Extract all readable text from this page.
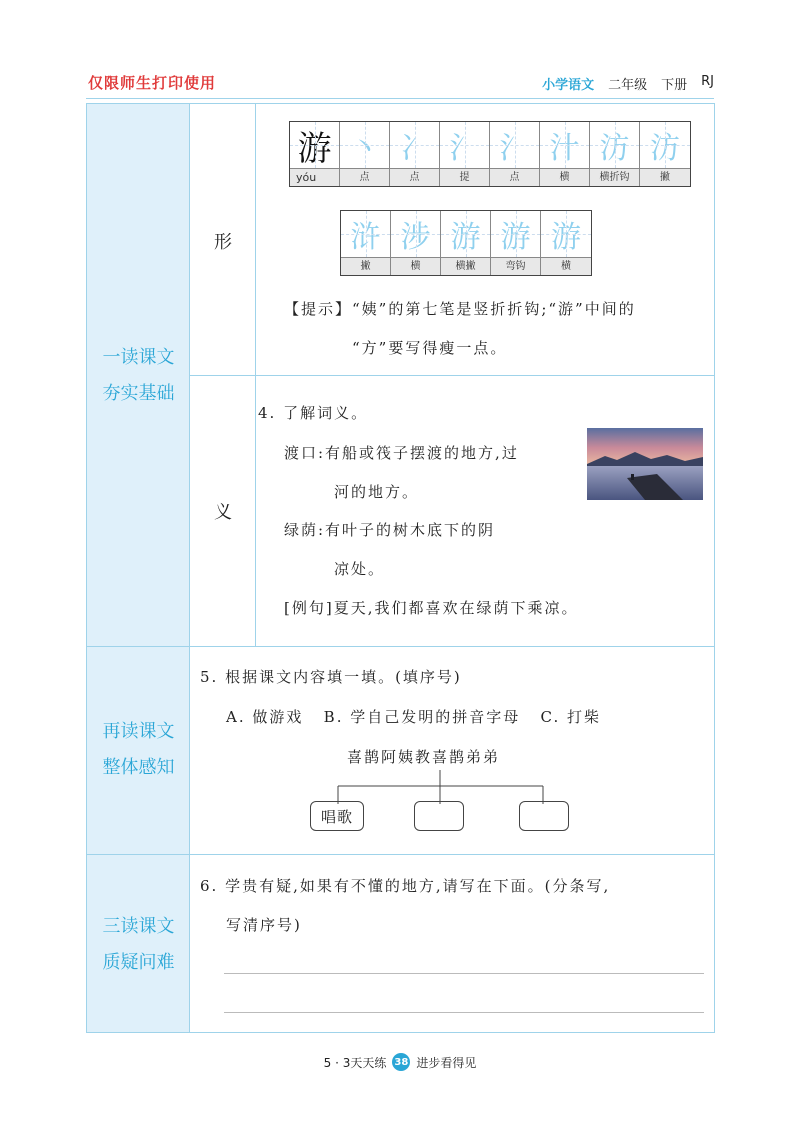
仅限师生打印使用	小学语文 二年级 下册 RJ
一读课文
夯实基础
再读课文
整体感知
三读课文
质疑问难
形
义
游
yóu
丶
点
冫
点
氵
提
氵
点
汁
横
汸
横折钩
汸
撇
浒
撇
涉
横
游
横撇
游
弯钩
游
横
【提示】“姨”的第七笔是竖折折钩;“游”中间的
“方”要写得瘦一点。
4. 了解词义。
渡口:有船或筏子摆渡的地方,过
河的地方。
绿荫:有叶子的树木底下的阴
凉处。
[例句]夏天,我们都喜欢在绿荫下乘凉。
5. 根据课文内容填一填。(填序号)
A. 做游戏   B. 学自己发明的拼音字母   C. 打柴
喜鹊阿姨教喜鹊弟弟
唱歌
6. 学贵有疑,如果有不懂的地方,请写在下面。(分条写,
写清序号)
5 · 3天天练 38 进步看得见
